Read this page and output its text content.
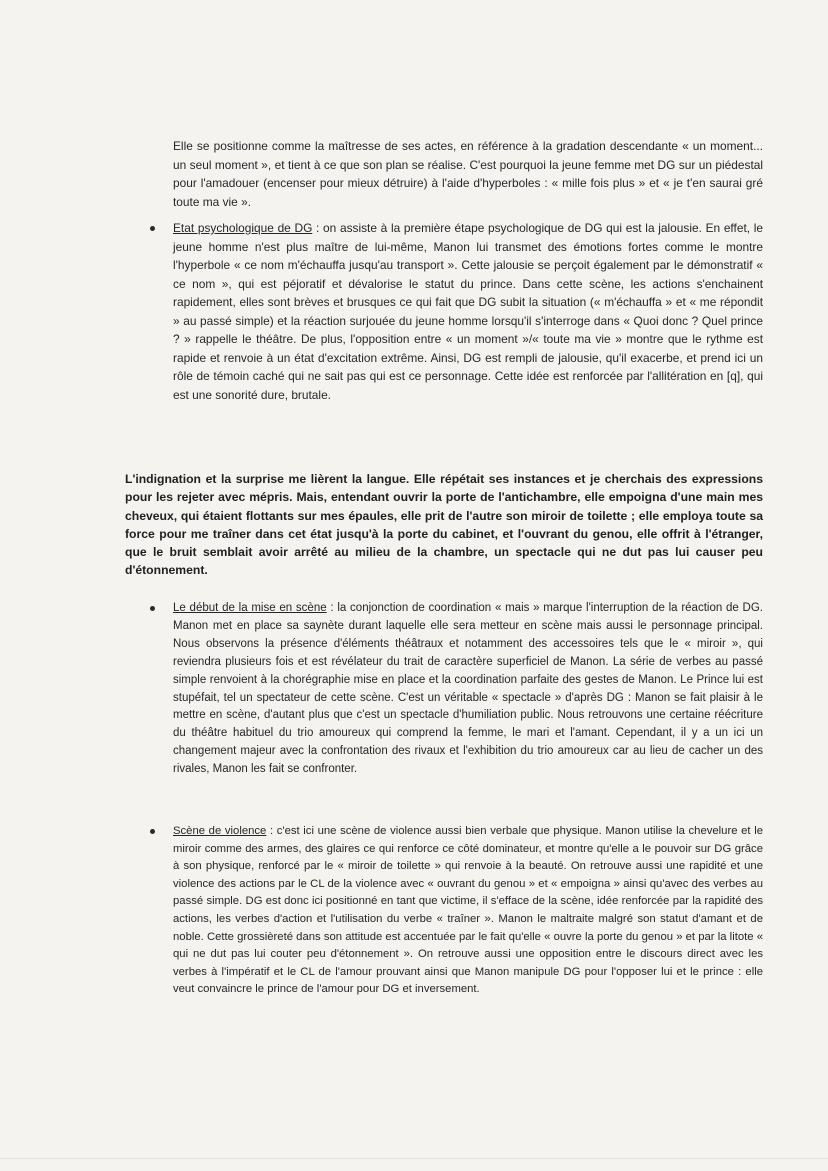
Elle se positionne comme la maîtresse de ses actes, en référence à la gradation descendante « un moment... un seul moment », et tient à ce que son plan se réalise. C'est pourquoi la jeune femme met DG sur un piédestal pour l'amadouer (encenser pour mieux détruire) à l'aide d'hyperboles : « mille fois plus » et « je t'en saurai gré toute ma vie ».
Etat psychologique de DG : on assiste à la première étape psychologique de DG qui est la jalousie. En effet, le jeune homme n'est plus maître de lui-même, Manon lui transmet des émotions fortes comme le montre l'hyperbole « ce nom m'échauffa jusqu'au transport ». Cette jalousie se perçoit également par le démonstratif « ce nom », qui est péjoratif et dévalorise le statut du prince. Dans cette scène, les actions s'enchainent rapidement, elles sont brèves et brusques ce qui fait que DG subit la situation (« m'échauffa » et « me répondit » au passé simple) et la réaction surjouée du jeune homme lorsqu'il s'interroge dans « Quoi donc ? Quel prince ? » rappelle le théâtre. De plus, l'opposition entre « un moment »/« toute ma vie » montre que le rythme est rapide et renvoie à un état d'excitation extrême. Ainsi, DG est rempli de jalousie, qu'il exacerbe, et prend ici un rôle de témoin caché qui ne sait pas qui est ce personnage. Cette idée est renforcée par l'allitération en [q], qui est une sonorité dure, brutale.
L'indignation et la surprise me lièrent la langue. Elle répétait ses instances et je cherchais des expressions pour les rejeter avec mépris. Mais, entendant ouvrir la porte de l'antichambre, elle empoigna d'une main mes cheveux, qui étaient flottants sur mes épaules, elle prit de l'autre son miroir de toilette ; elle employa toute sa force pour me traîner dans cet état jusqu'à la porte du cabinet, et l'ouvrant du genou, elle offrit à l'étranger, que le bruit semblait avoir arrêté au milieu de la chambre, un spectacle qui ne dut pas lui causer peu d'étonnement.
Le début de la mise en scène : la conjonction de coordination « mais » marque l'interruption de la réaction de DG. Manon met en place sa saynète durant laquelle elle sera metteur en scène mais aussi le personnage principal. Nous observons la présence d'éléments théâtraux et notamment des accessoires tels que le « miroir », qui reviendra plusieurs fois et est révélateur du trait de caractère superficiel de Manon. La série de verbes au passé simple renvoient à la chorégraphie mise en place et la coordination parfaite des gestes de Manon. Le Prince lui est stupéfait, tel un spectateur de cette scène. C'est un véritable « spectacle » d'après DG : Manon se fait plaisir à le mettre en scène, d'autant plus que c'est un spectacle d'humiliation public. Nous retrouvons une certaine réécriture du théâtre habituel du trio amoureux qui comprend la femme, le mari et l'amant. Cependant, il y a un ici un changement majeur avec la confrontation des rivaux et l'exhibition du trio amoureux car au lieu de cacher un des rivales, Manon les fait se confronter.
Scène de violence : c'est ici une scène de violence aussi bien verbale que physique. Manon utilise la chevelure et le miroir comme des armes, des glaires ce qui renforce ce côté dominateur, et montre qu'elle a le pouvoir sur DG grâce à son physique, renforcé par le « miroir de toilette » qui renvoie à la beauté. On retrouve aussi une rapidité et une violence des actions par le CL de la violence avec « ouvrant du genou » et « empoigna » ainsi qu'avec des verbes au passé simple. DG est donc ici positionné en tant que victime, il s'efface de la scène, idée renforcée par la rapidité des actions, les verbes d'action et l'utilisation du verbe « traîner ». Manon le maltraite malgré son statut d'amant et de noble. Cette grossièreté dans son attitude est accentuée par le fait qu'elle « ouvre la porte du genou » et par la litote « qui ne dut pas lui couter peu d'étonnement ». On retrouve aussi une opposition entre le discours direct avec les verbes à l'impératif et le CL de l'amour prouvant ainsi que Manon manipule DG pour l'opposer lui et le prince : elle veut convaincre le prince de l'amour pour DG et inversement.
